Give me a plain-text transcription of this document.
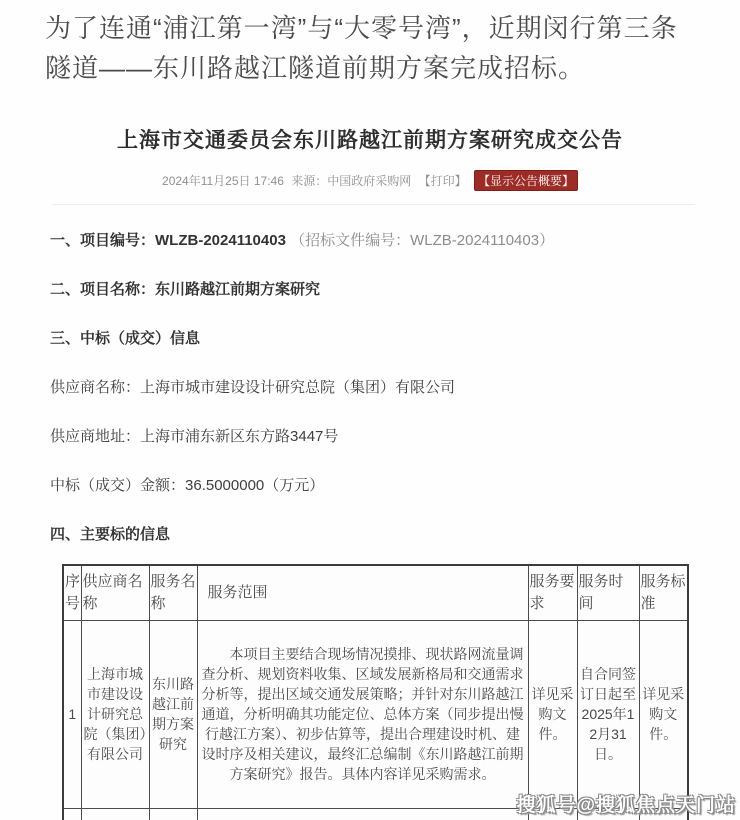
为了连通“浦江第一湾”与“大零号湾”，近期闵行第三条隧道——东川路越江隧道前期方案完成招标。

上海市交通委员会东川路越江前期方案研究成交公告
2024年11月25日 17:46 来源：中国政府采购网 【打印】 【显示公告概要】
一、项目编号：WLZB-2024110403 （招标文件编号：WLZB-2024110403）
二、项目名称：东川路越江前期方案研究
三、中标（成交）信息
供应商名称：上海市城市建设设计研究总院（集团）有限公司
供应商地址：上海市浦东新区东方路3447号
中标（成交）金额：36.5000000（万元）
四、主要标的信息
序号	供应商名称	服务名称	服务范围	服务要求	服务时间	服务标准
1	上海市城市建设设计研究总院（集团）有限公司	东川路越江前期方案研究	本项目主要结合现场情况摸排、现状路网流量调查分析、规划资料收集、区域发展新格局和交通需求分析等，提出区域交通发展策略；并针对东川路越江通道，分析明确其功能定位、总体方案（同步提出慢行越江方案）、初步估算等，提出合理建设时机、建设时序及相关建议，最终汇总编制《东川路越江前期方案研究》报告。具体内容详见采购需求。	详见采购文件。	自合同签订日起至2025年12月31日。	详见采购文件。

搜狐号@搜狐焦点天门站
